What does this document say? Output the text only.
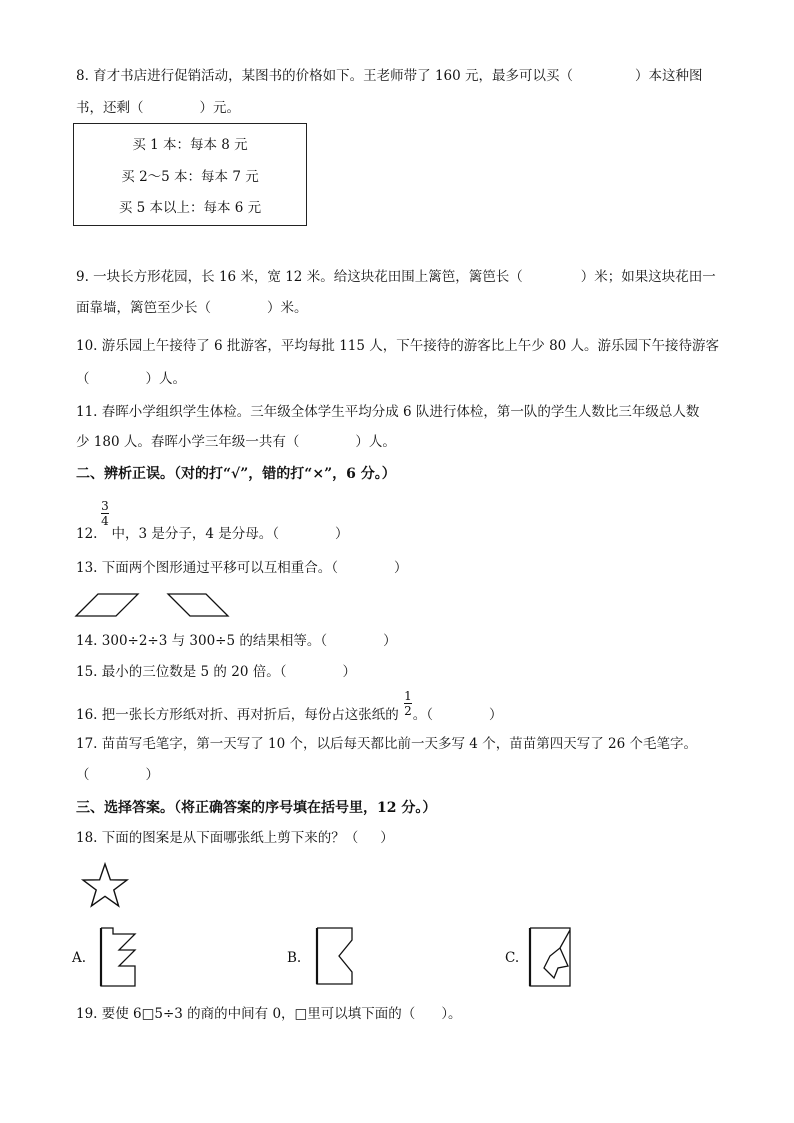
8. 育才书店进行促销活动，某图书的价格如下。王老师带了 160 元，最多可以买（	）本这种图
书，还剩（	）元。
买 1 本：每本 8 元
买 2～5 本：每本 7 元
买 5 本以上：每本 6 元
9. 一块长方形花园，长 16 米，宽 12 米。给这块花田围上篱笆，篱笆长（	）米；如果这块花田一
面靠墙，篱笆至少长（	）米。
10. 游乐园上午接待了 6 批游客，平均每批 115 人，下午接待的游客比上午少 80 人。游乐园下午接待游客
（	）人。
11. 春晖小学组织学生体检。三年级全体学生平均分成 6 队进行体检，第一队的学生人数比三年级总人数
少 180 人。春晖小学三年级一共有（	）人。
二、辨析正误。（对的打“√”，错的打“×”，6 分。）
12. 中，3 是分子，4 是分母。（	）
3
4
13. 下面两个图形通过平移可以互相重合。（	）
14. 300÷2÷3 与 300÷5 的结果相等。（	）
15. 最小的三位数是 5 的 20 倍。（	）
16. 把一张长方形纸对折、再对折后，每份占这张纸的 。（	）
1
2
17. 苗苗写毛笔字，第一天写了 10 个，以后每天都比前一天多写 4 个，苗苗第四天写了 26 个毛笔字。
（	）
三、选择答案。（将正确答案的序号填在括号里，12 分。）
18. 下面的图案是从下面哪张纸上剪下来的？（ ）
A.	B.	C.
19. 要使 6□5÷3 的商的中间有 0，□里可以填下面的（ ）。
